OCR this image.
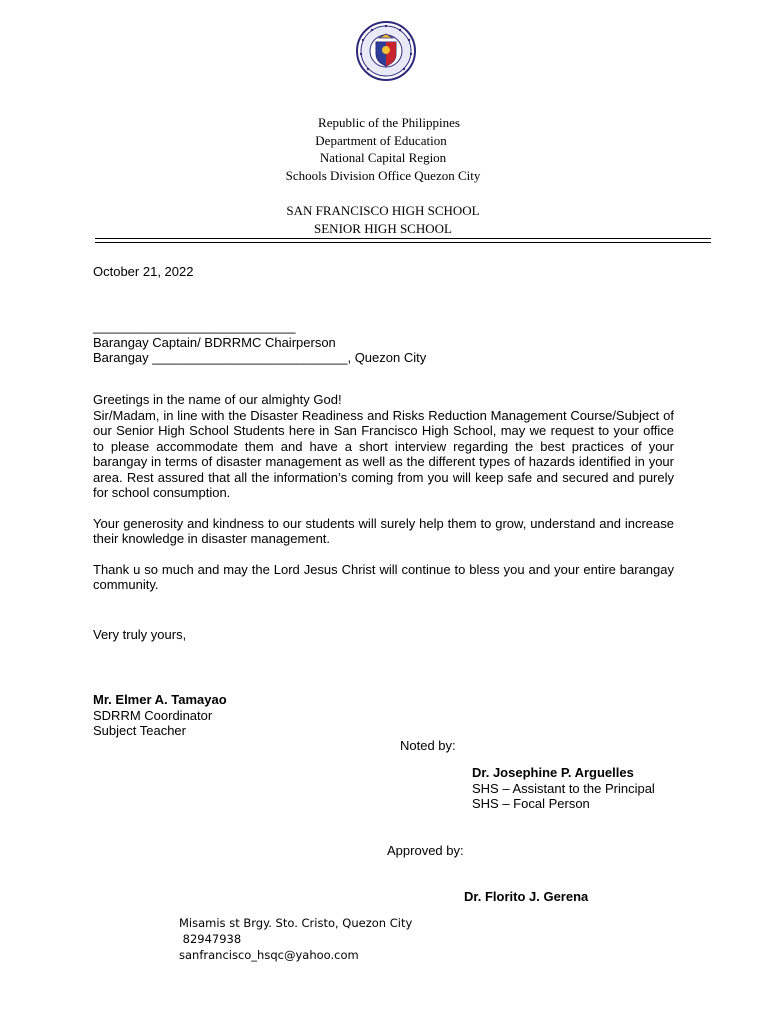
Republic of the Philippines
Department of Education
National Capital Region
Schools Division Office Quezon City
SAN FRANCISCO HIGH SCHOOL
SENIOR HIGH SCHOOL
October 21, 2022
____________________________
Barangay Captain/ BDRRMC Chairperson
Barangay ___________________________, Quezon City
Greetings in the name of our almighty God!

Sir/Madam, in line with the Disaster Readiness and Risks Reduction Management Course/Subject of our Senior High School Students here in San Francisco High School, may we request to your office to please accommodate them and have a short interview regarding the best practices of your barangay in terms of disaster management as well as the different types of hazards identified in your area. Rest assured that all the information’s coming from you will keep safe and secured and purely for school consumption.

Your generosity and kindness to our students will surely help them to grow, understand and increase their knowledge in disaster management.

Thank u so much and may the Lord Jesus Christ will continue to bless you and your entire barangay community.

Very truly yours,
Mr. Elmer A. Tamayao
SDRRM Coordinator
Subject Teacher
Noted by:
Dr. Josephine P. Arguelles
SHS – Assistant to the Principal
SHS – Focal Person
Approved by:
Dr. Florito J. Gerena
Misamis st Brgy. Sto. Cristo, Quezon City
82947938
sanfrancisco_hsqc@yahoo.com
